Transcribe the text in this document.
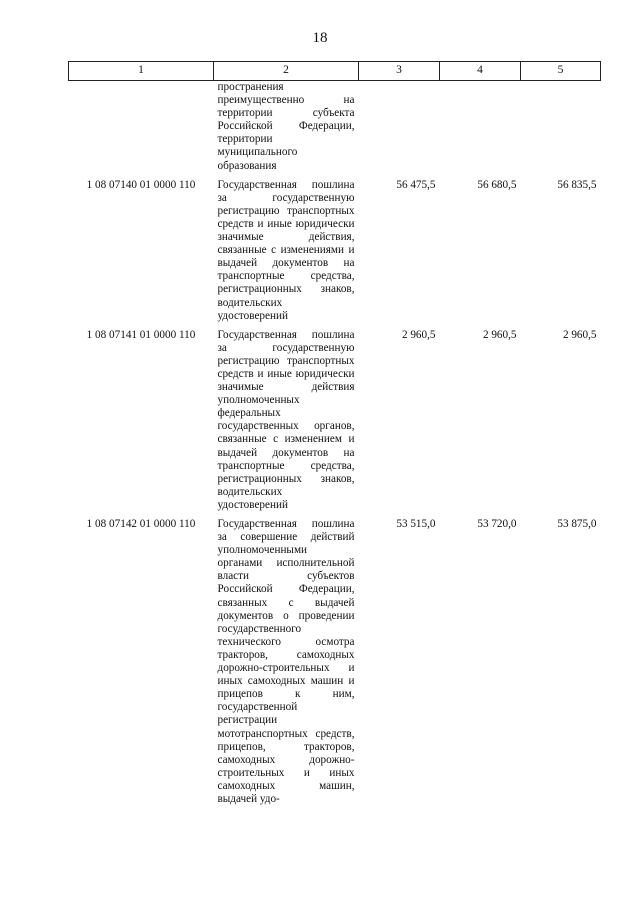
18
1	2	3	4	5
	пространения преимущественно на территории субъекта Российской Федерации, территории муниципального образования			
1 08 07140 01 0000 110	Государственная пошлина за государственную регистрацию транспортных средств и иные юридически значимые действия, связанные с изменениями и выдачей документов на транспортные средства, регистрационных знаков, водительских удостоверений	56 475,5	56 680,5	56 835,5
1 08 07141 01 0000 110	Государственная пошлина за государственную регистрацию транспортных средств и иные юридически значимые действия уполномоченных федеральных государственных органов, связанные с изменением и выдачей документов на транспортные средства, регистрационных знаков, водительских удостоверений	2 960,5	2 960,5	2 960,5
1 08 07142 01 0000 110	Государственная пошлина за совершение действий уполномоченными органами исполнительной власти субъектов Российской Федерации, связанных с выдачей документов о проведении государственного технического осмотра тракторов, самоходных дорожно-строительных и иных самоходных машин и прицепов к ним, государственной регистрации мототранспортных средств, прицепов, тракторов, самоходных дорожно-строительных и иных самоходных машин, выдачей удо-	53 515,0	53 720,0	53 875,0
